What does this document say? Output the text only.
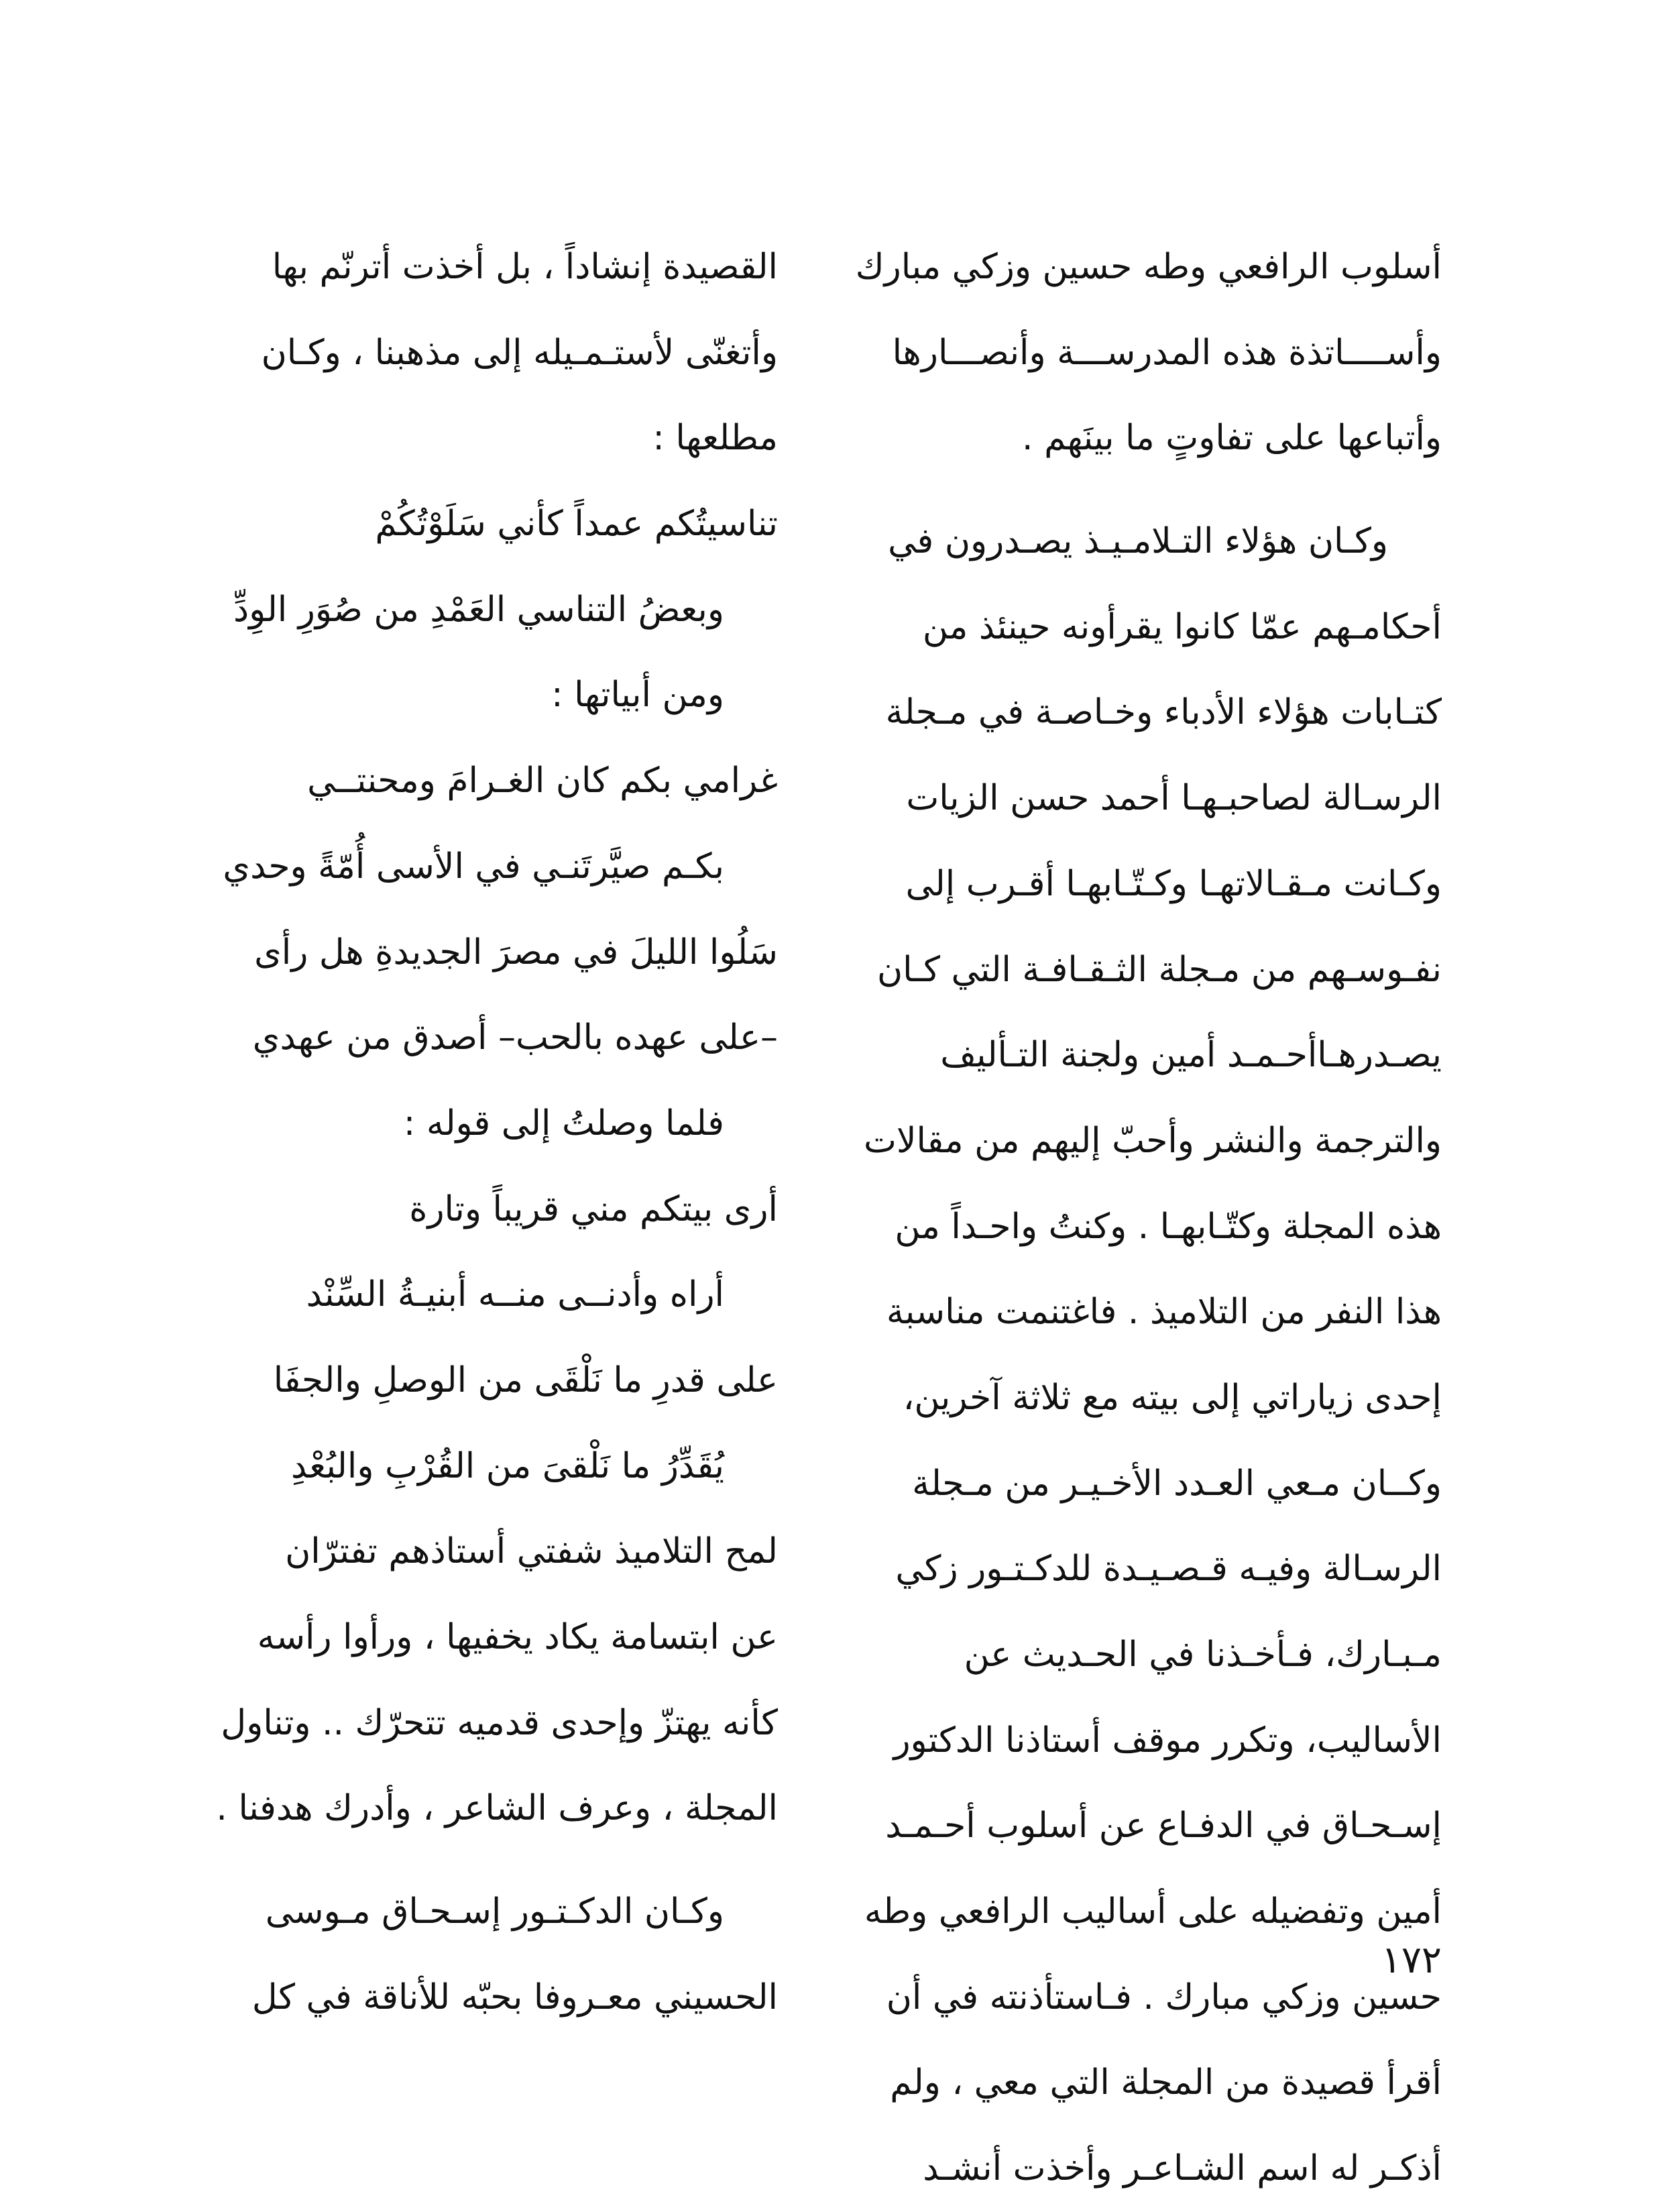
أسلوب الرافعي وطه حسين وزكي مبارك
وأســــاتذة هذه المدرســـة وأنصـــارها
وأتباعها على تفاوتٍ ما بينَهم .
وكـان هؤلاء التـلامـيـذ يصـدرون في
أحكامـهم عمّا كانوا يقرأونه حينئذ من
كتـابات هؤلاء الأدباء وخـاصـة في مـجلة
الرسـالة لصاحبـهـا أحمد حسن الزيات
وكـانت مـقـالاتهـا وكـتّـابهـا أقـرب إلى
نفـوسـهم من مـجلة الثـقـافـة التي كـان
يصـدرهـاأحـمـد أمين ولجنة التـأليف
والترجمة والنشر وأحبّ إليهم من مقالات
هذه المجلة وكتّـابهـا . وكنتُ واحـداً من
هذا النفر من التلاميذ . فاغتنمت مناسبة
إحدى زياراتي إلى بيته مع ثلاثة آخرين،
وكــان مـعي العـدد الأخـيـر من مـجلة
الرسـالة وفيـه قـصـيـدة للدكـتـور زكي
مـبـارك، فـأخـذنا في الحـديث عن
الأساليب، وتكرر موقف أستاذنا الدكتور
إسـحـاق في الدفـاع عن أسلوب أحـمـد
أمين وتفضيله على أساليب الرافعي وطه
حسين وزكي مبارك . فـاستأذنته في أن
أقرأ قصيدة من المجلة التي معي ، ولم
أذكـر له اسم الشـاعـر وأخذت أنشـد
القصيدة إنشاداً ، بل أخذت أترنّم بها
وأتغنّى لأستـمـيله إلى مذهبنا ، وكـان
مطلعها :
تناسيتُكم عمداً كأني سَلَوْتُكُمْ
وبعضُ التناسي العَمْدِ من صُوَرِ الوِدِّ
ومن أبياتها :
غرامي بكم كان الغـرامَ ومحنتــي
بكـم صيَّرتَنـي في الأسى أُمّةً وحدي
سَلُوا الليلَ في مصرَ الجديدةِ هل رأى
–على عهده بالحب– أصدق من عهدي
فلما وصلتُ إلى قوله :
أرى بيتكم مني قريباً وتارة
أراه وأدنــى منــه أبنيـةُ السِّنْد
على قدرِ ما نَلْقَى من الوصلِ والجفَا
يُقَدِّرُ ما نَلْقىَ من القُرْبِ والبُعْدِ
لمح التلاميذ شفتي أستاذهم تفترّان
عن ابتسامة يكاد يخفيها ، ورأوا رأسه
كأنه يهتزّ وإحدى قدميه تتحرّك .. وتناول
المجلة ، وعرف الشاعر ، وأدرك هدفنا .
وكـان الدكـتـور إسـحـاق مـوسى
الحسيني معـروفا بحبّه للأناقة في كل
١٧٢
